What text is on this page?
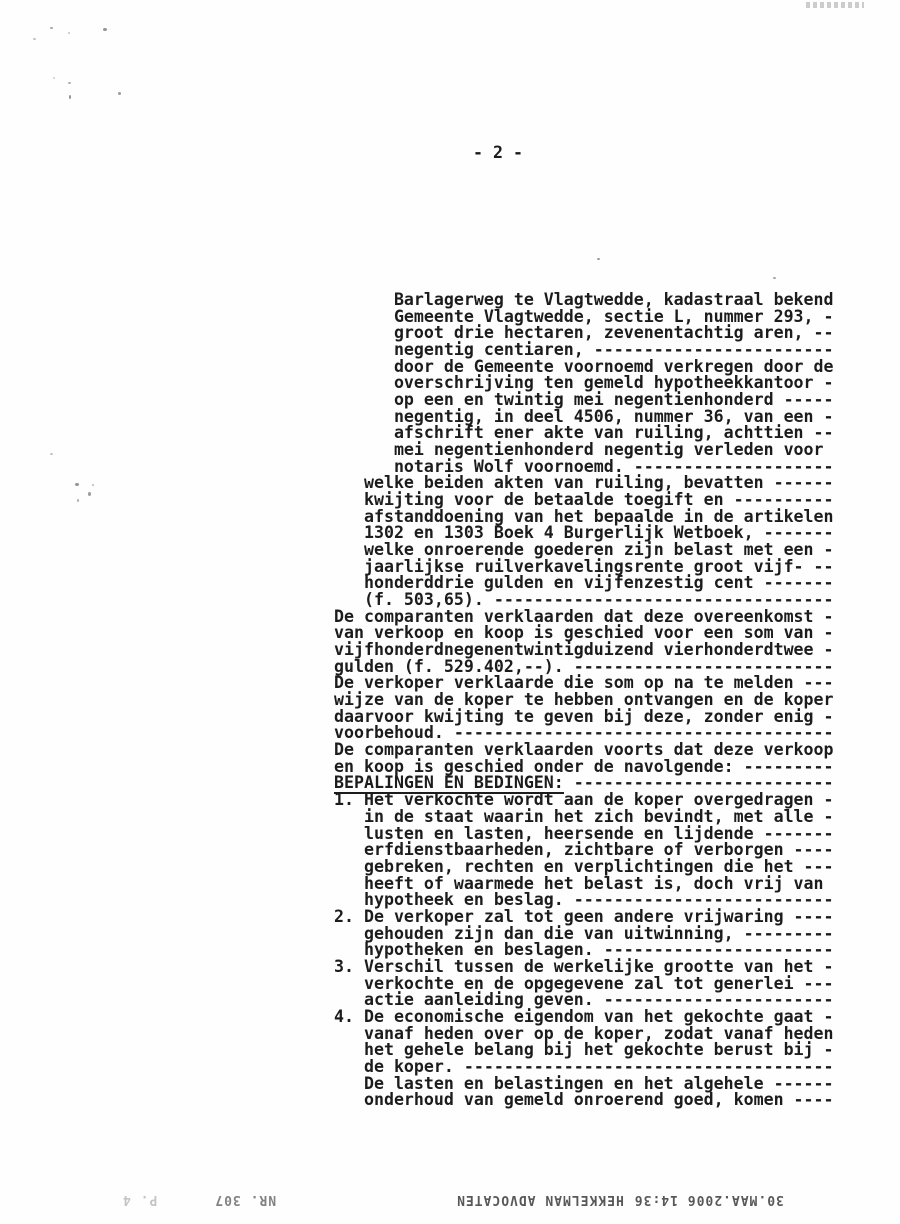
- 2 -
Barlagerweg te Vlagtwedde, kadastraal bekend
Gemeente Vlagtwedde, sectie L, nummer 293, -
groot drie hectaren, zevenentachtig aren, --
negentig centiaren, ------------------------
door de Gemeente voornoemd verkregen door de
overschrijving ten gemeld hypotheekkantoor -
op een en twintig mei negentienhonderd -----
negentig, in deel 4506, nummer 36, van een -
afschrift ener akte van ruiling, achttien --
mei negentienhonderd negentig verleden voor
notaris Wolf voornoemd. --------------------
welke beiden akten van ruiling, bevatten ------
kwijting voor de betaalde toegift en ----------
afstanddoening van het bepaalde in de artikelen
1302 en 1303 Boek 4 Burgerlijk Wetboek, -------
welke onroerende goederen zijn belast met een -
jaarlijkse ruilverkavelingsrente groot vijf- --
honderddrie gulden en vijfenzestig cent -------
(f. 503,65). ----------------------------------
De comparanten verklaarden dat deze overeenkomst -
van verkoop en koop is geschied voor een som van -
vijfhonderdnegenentwintigduizend vierhonderdtwee -
gulden (f. 529.402,--). --------------------------
De verkoper verklaarde die som op na te melden ---
wijze van de koper te hebben ontvangen en de koper
daarvoor kwijting te geven bij deze, zonder enig -
voorbehoud. --------------------------------------
De comparanten verklaarden voorts dat deze verkoop
en koop is geschied onder de navolgende: ---------
BEPALINGEN EN BEDINGEN: --------------------------
1. Het verkochte wordt aan de koper overgedragen -
in de staat waarin het zich bevindt, met alle -
lusten en lasten, heersende en lijdende -------
erfdienstbaarheden, zichtbare of verborgen ----
gebreken, rechten en verplichtingen die het ---
heeft of waarmede het belast is, doch vrij van
hypotheek en beslag. --------------------------
2. De verkoper zal tot geen andere vrijwaring ----
gehouden zijn dan die van uitwinning, ---------
hypotheken en beslagen. -----------------------
3. Verschil tussen de werkelijke grootte van het -
verkochte en de opgegevene zal tot generlei ---
actie aanleiding geven. -----------------------
4. De economische eigendom van het gekochte gaat -
vanaf heden over op de koper, zodat vanaf heden
het gehele belang bij het gekochte berust bij -
de koper. -------------------------------------
De lasten en belastingen en het algehele ------
onderhoud van gemeld onroerend goed, komen ----
30.MAA.2006 14:36
HEKKELMAN ADVOCATEN
NR. 307
P. 4
